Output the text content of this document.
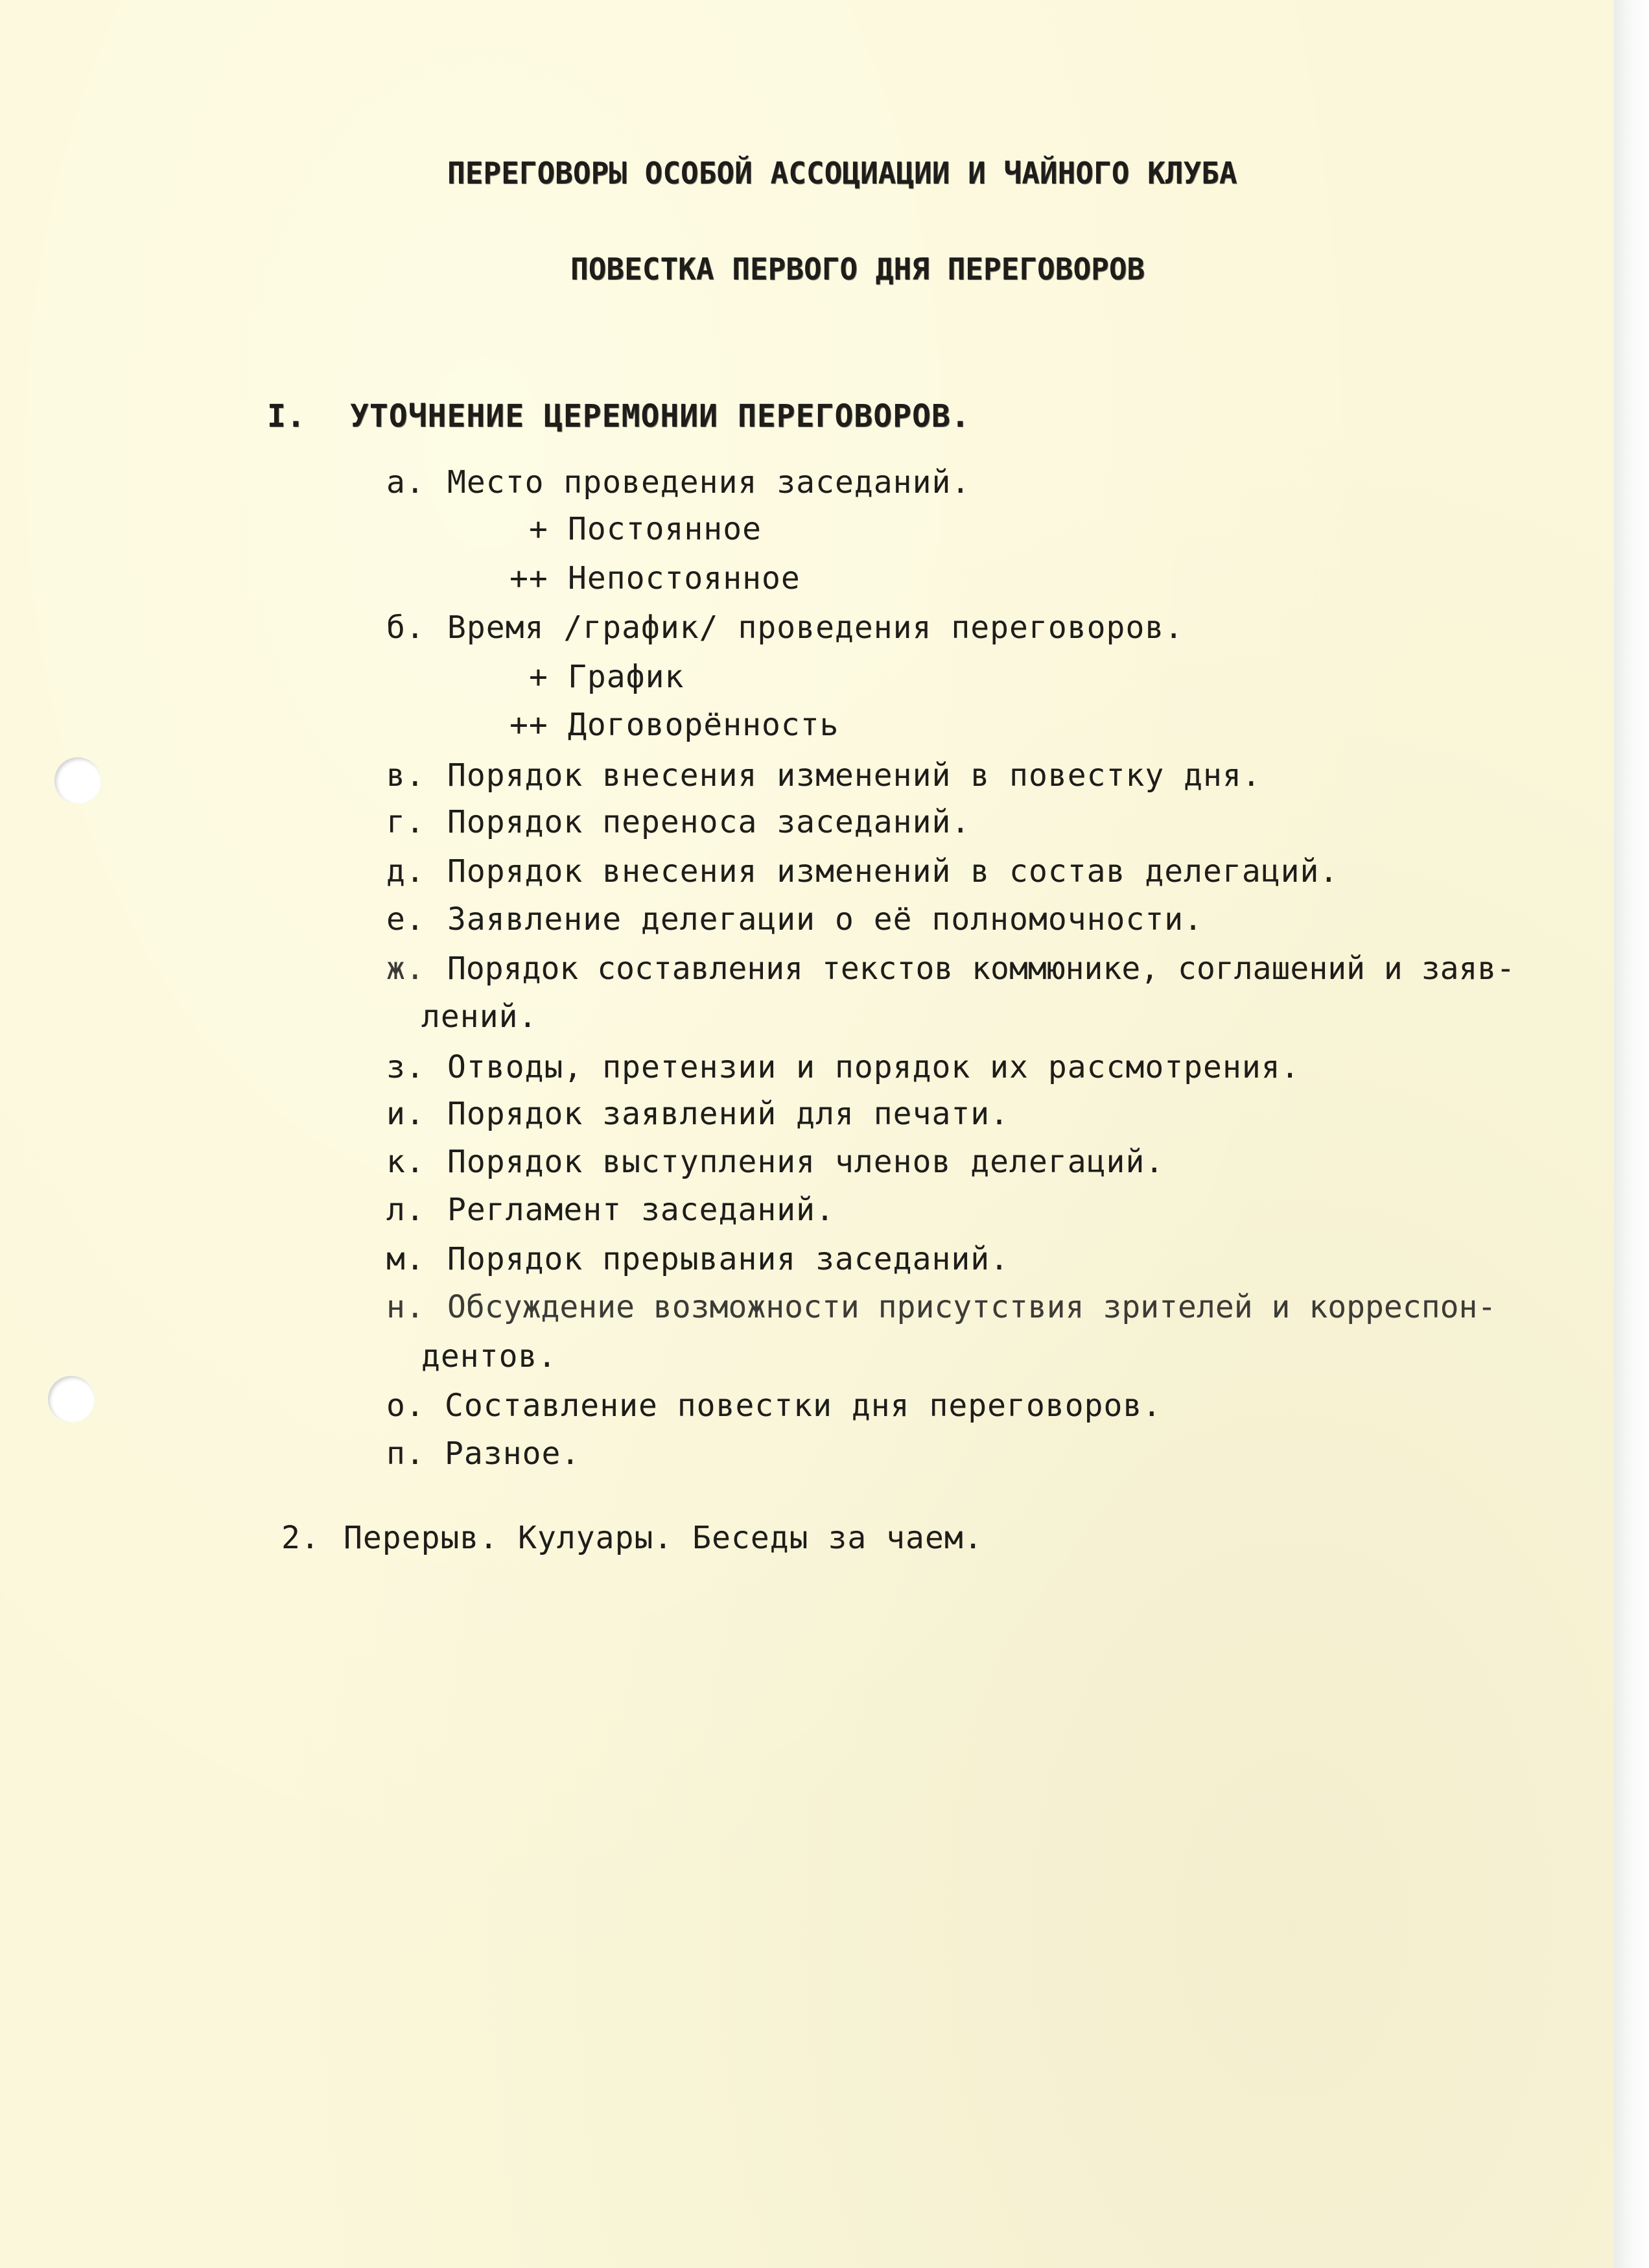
ПЕРЕГОВОРЫ ОСОБОЙ АССОЦИАЦИИ И ЧАЙНОГО КЛУБА
ПОВЕСТКА ПЕРВОГО ДНЯ ПЕРЕГОВОРОВ
I. УТОЧНЕНИЕ ЦЕРЕМОНИИ ПЕРЕГОВОРОВ.
а. Место проведения заседаний.
+ Постоянное
++ Непостоянное
б. Время /график/ проведения переговоров.
+ График
++ Договорённость
в. Порядок внесения изменений в повестку дня.
г. Порядок переноса заседаний.
д. Порядок внесения изменений в состав делегаций.
е. Заявление делегации о её полномочности.
ж. Порядок составления текстов коммюнике, соглашений и заяв-
лений.
з. Отводы, претензии и порядок их рассмотрения.
и. Порядок заявлений для печати.
к. Порядок выступления членов делегаций.
л. Регламент заседаний.
м. Порядок прерывания заседаний.
н. Обсуждение возможности присутствия зрителей и корреспон-
дентов.
о. Составление повестки дня переговоров.
п. Разное.
2. Перерыв. Кулуары. Беседы за чаем.
